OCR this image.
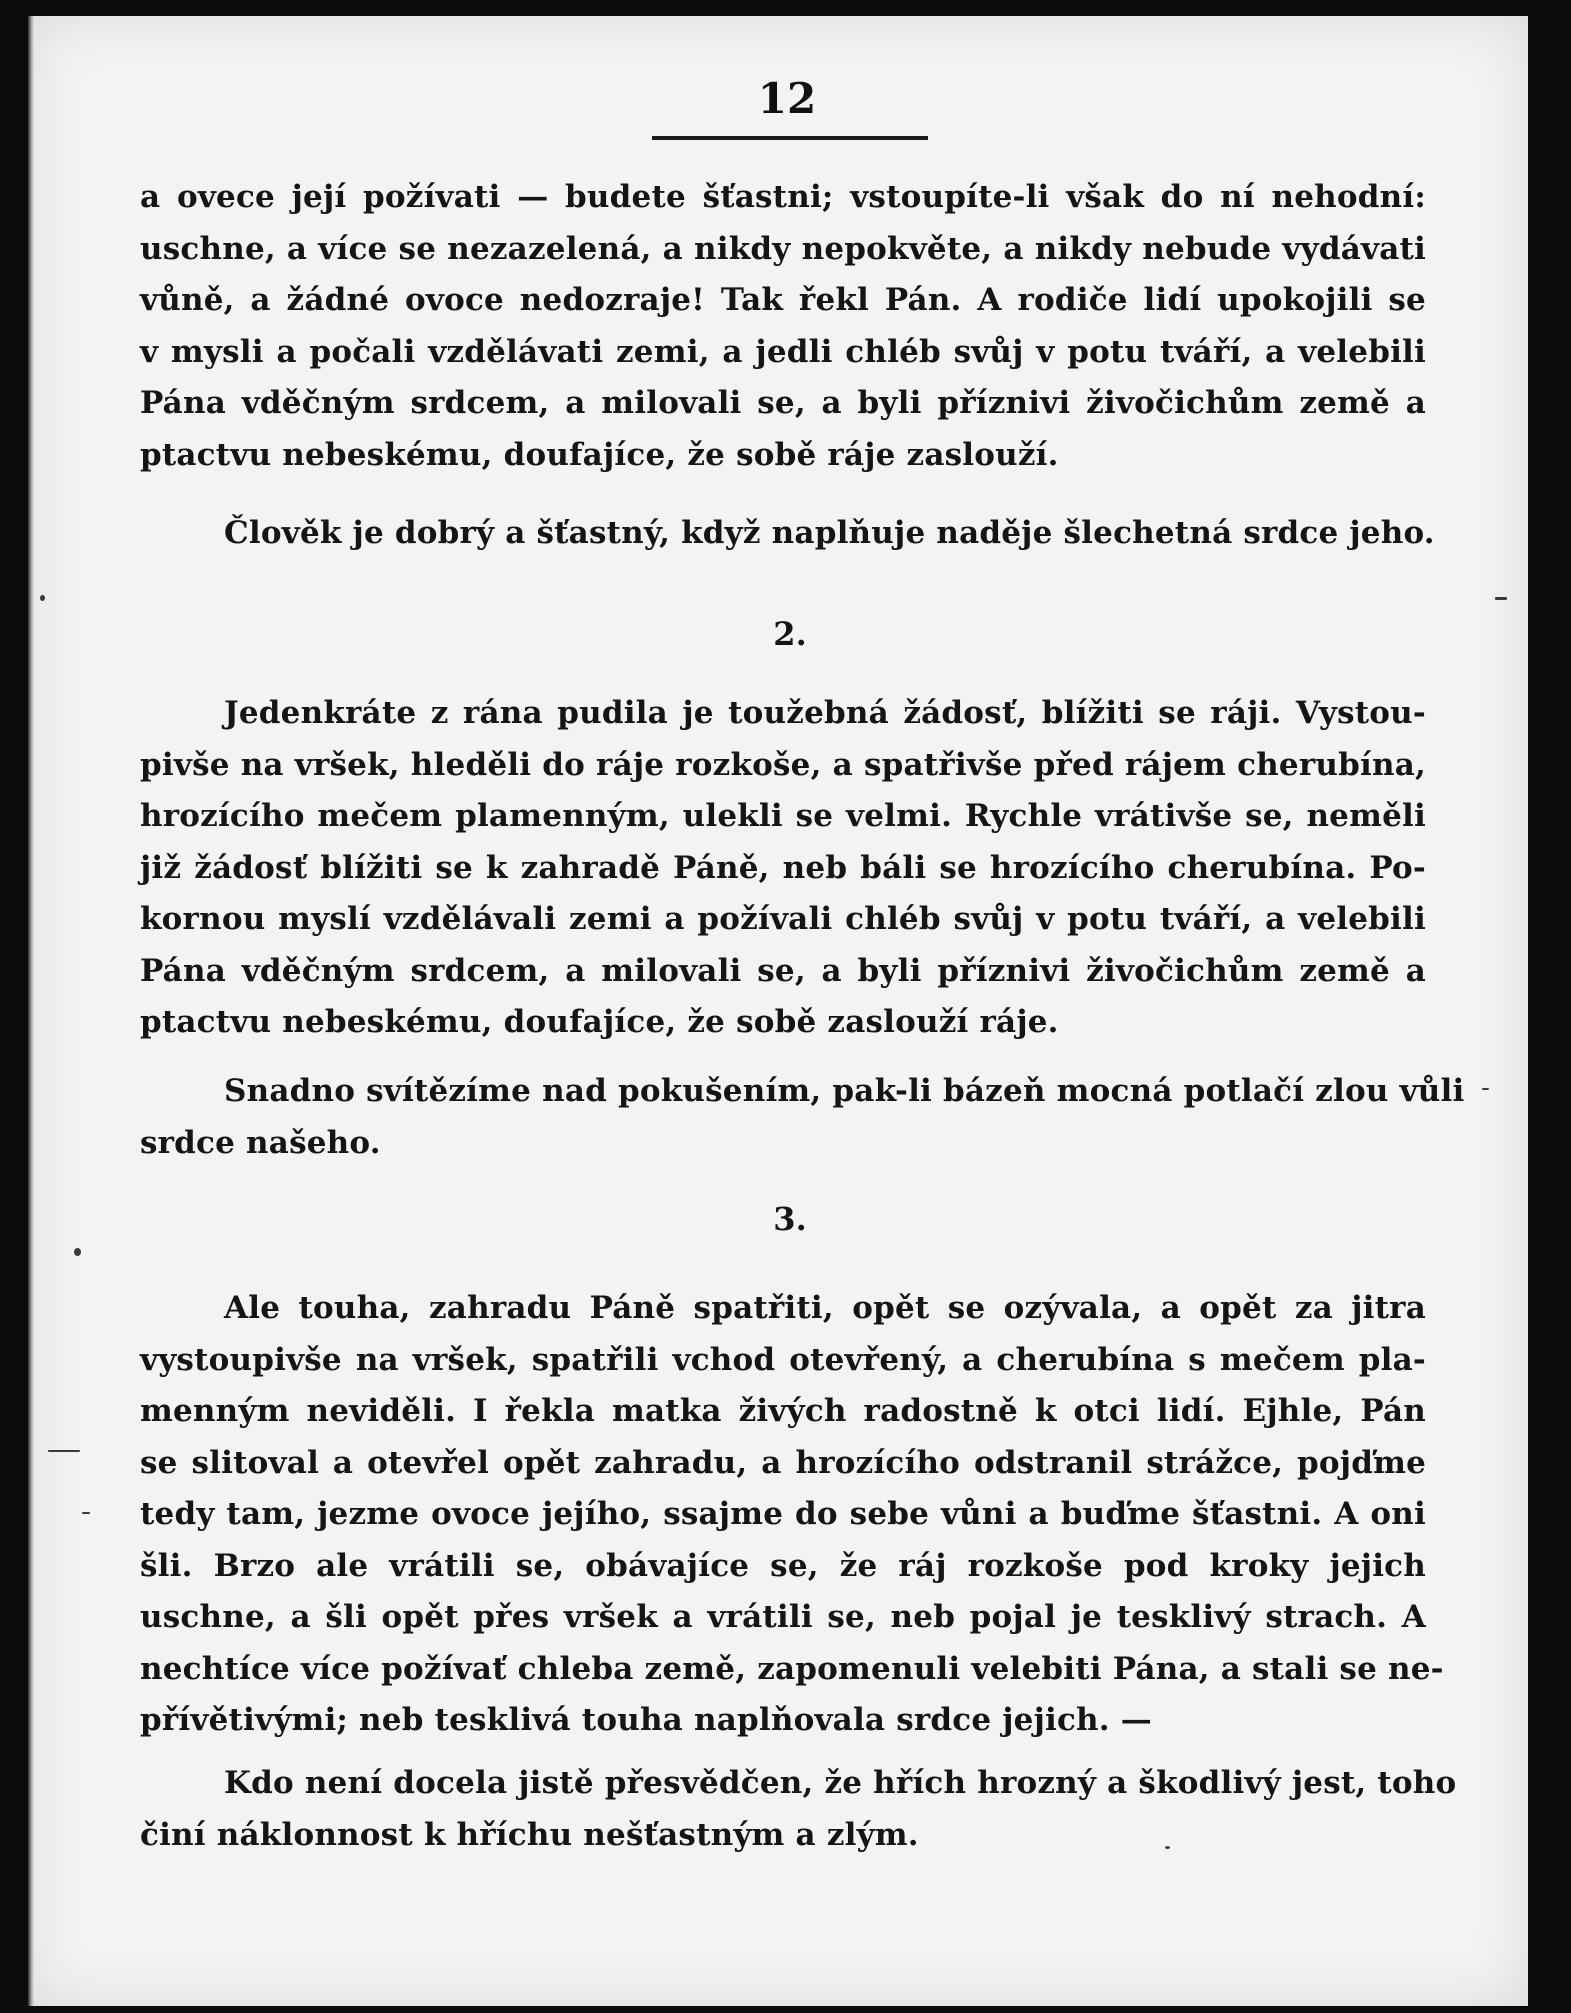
12

a ovece její požívati — budete šťastni; vstoupíte-li však do ní nehodní:
uschne, a více se nezazelená, a nikdy nepokvěte, a nikdy nebude vydávati
vůně, a žádné ovoce nedozraje! Tak řekl Pán. A rodiče lidí upokojili se
v mysli a počali vzdělávati zemi, a jedli chléb svůj v potu tváří, a velebili
Pána vděčným srdcem, a milovali se, a byli příznivi živočichům země a
ptactvu nebeskému, doufajíce, že sobě ráje zaslouží.

Člověk je dobrý a šťastný, když naplňuje naděje šlechetná srdce jeho.

2.

Jedenkráte z rána pudila je toužebná žádosť, blížiti se ráji. Vystou-
pivše na vršek, hleděli do ráje rozkoše, a spatřivše před rájem cherubína,
hrozícího mečem plamenným, ulekli se velmi. Rychle vrátivše se, neměli
již žádosť blížiti se k zahradě Páně, neb báli se hrozícího cherubína. Po-
kornou myslí vzdělávali zemi a požívali chléb svůj v potu tváří, a velebili
Pána vděčným srdcem, a milovali se, a byli příznivi živočichům země a
ptactvu nebeskému, doufajíce, že sobě zaslouží ráje.

Snadno svítězíme nad pokušením, pak-li bázeň mocná potlačí zlou vůli
srdce našeho.

3.

Ale touha, zahradu Páně spatřiti, opět se ozývala, a opět za jitra
vystoupivše na vršek, spatřili vchod otevřený, a cherubína s mečem pla-
menným neviděli. I řekla matka živých radostně k otci lidí. Ejhle, Pán
se slitoval a otevřel opět zahradu, a hrozícího odstranil strážce, pojďme
tedy tam, jezme ovoce jejího, ssajme do sebe vůni a buďme šťastni. A oni
šli. Brzo ale vrátili se, obávajíce se, že ráj rozkoše pod kroky jejich
uschne, a šli opět přes vršek a vrátili se, neb pojal je tesklivý strach. A
nechtíce více požívať chleba země, zapomenuli velebiti Pána, a stali se ne-
přívětivými; neb tesklivá touha naplňovala srdce jejich. —

Kdo není docela jistě přesvědčen, že hřích hrozný a škodlivý jest, toho
činí náklonnost k hříchu nešťastným a zlým.
